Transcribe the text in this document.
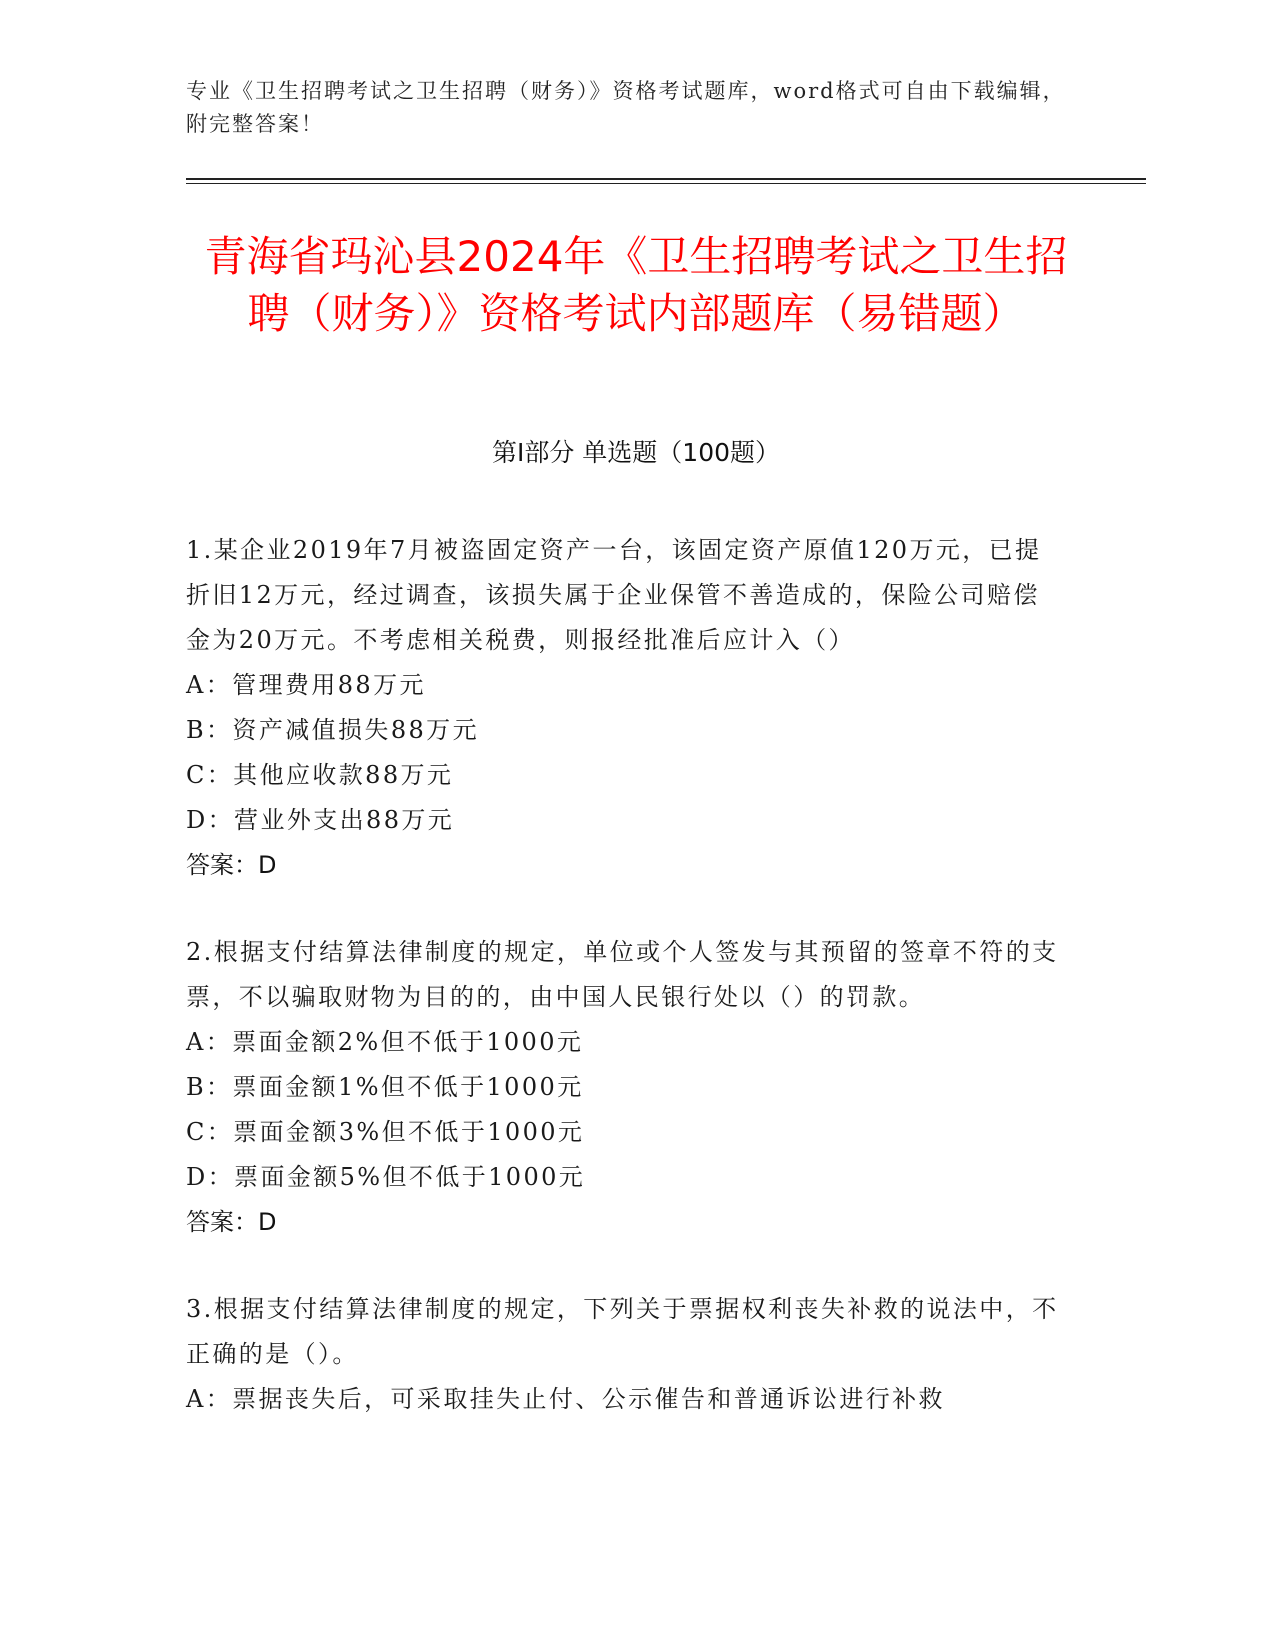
专业《卫生招聘考试之卫生招聘（财务）》资格考试题库，word格式可自由下载编辑，附完整答案！
青海省玛沁县2024年《卫生招聘考试之卫生招聘（财务）》资格考试内部题库（易错题）
第I部分 单选题（100题）
1.某企业2019年7月被盗固定资产一台，该固定资产原值120万元，已提折旧12万元，经过调查，该损失属于企业保管不善造成的，保险公司赔偿金为20万元。不考虑相关税费，则报经批准后应计入（）
A：管理费用88万元
B：资产减值损失88万元
C：其他应收款88万元
D：营业外支出88万元
答案：D
2.根据支付结算法律制度的规定，单位或个人签发与其预留的签章不符的支票，不以骗取财物为目的的，由中国人民银行处以（）的罚款。
A：票面金额2%但不低于1000元
B：票面金额1%但不低于1000元
C：票面金额3%但不低于1000元
D：票面金额5%但不低于1000元
答案：D
3.根据支付结算法律制度的规定，下列关于票据权利丧失补救的说法中，不正确的是（）。
A：票据丧失后，可采取挂失止付、公示催告和普通诉讼进行补救
